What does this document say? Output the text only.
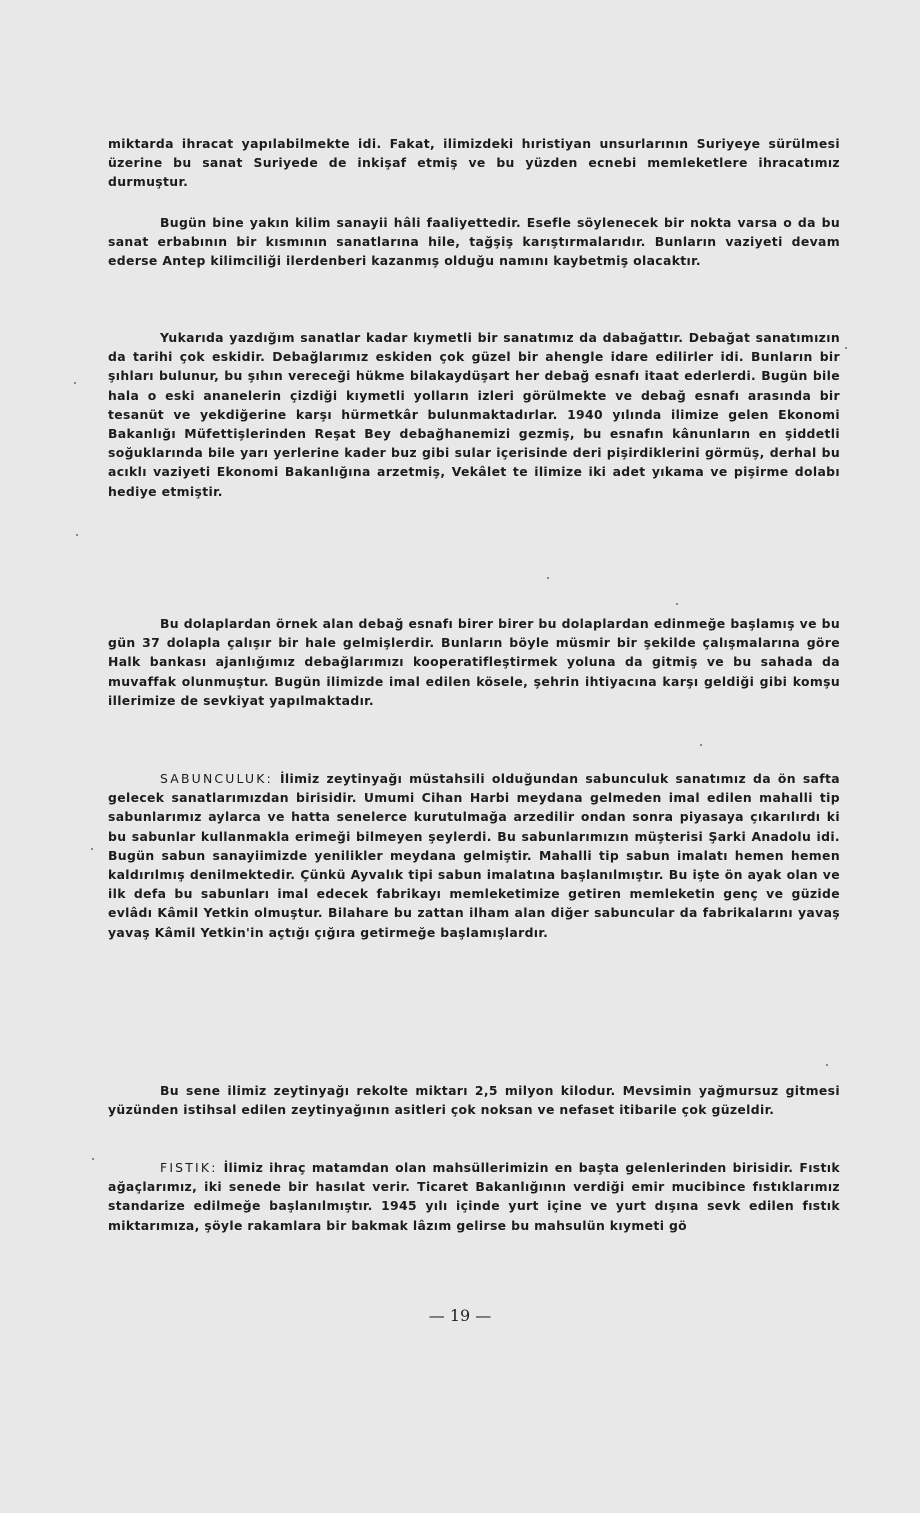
miktarda ihracat yapılabilmekte idi. Fakat, ilimizdeki hıristiyan unsurlarının Suriyeye sürülmesi üzerine bu sanat Suriyede de inkişaf etmiş ve bu yüzden ecnebi memleketlere ihracatımız durmuştur.

Bugün bine yakın kilim sanayii hâli faaliyettedir. Esefle söylenecek bir nokta varsa o da bu sanat erbabının bir kısmının sanatlarına hile, tağşiş karıştırmalarıdır. Bunların vaziyeti devam ederse Antep kilimciliği ilerdenberi kazanmış olduğu namını kaybetmiş olacaktır.

Yukarıda yazdığım sanatlar kadar kıymetli bir sanatımız da dabağattır. Debağat sanatımızın da tarihi çok eskidir. Debağlarımız eskiden çok güzel bir ahengle idare edilirler idi. Bunların bir şıhları bulunur, bu şıhın vereceği hükme bilakaydüşart her debağ esnafı itaat ederlerdi. Bugün bile hala o eski ananelerin çizdiği kıymetli yolların izleri görülmekte ve debağ esnafı arasında bir tesanüt ve yekdiğerine karşı hürmetkâr bulunmaktadırlar. 1940 yılında ilimize gelen Ekonomi Bakanlığı Müfettişlerinden Reşat Bey debağhanemizi gezmiş, bu esnafın kânunların en şiddetli soğuklarında bile yarı yerlerine kader buz gibi sular içerisinde deri pişirdiklerini görmüş, derhal bu acıklı vaziyeti Ekonomi Bakanlığına arzetmiş, Vekâlet te ilimize iki adet yıkama ve pişirme dolabı hediye etmiştir.

Bu dolaplardan örnek alan debağ esnafı birer birer bu dolaplardan edinmeğe başlamış ve bu gün 37 dolapla çalışır bir hale gelmişlerdir. Bunların böyle müsmir bir şekilde çalışmalarına göre Halk bankası ajanlığımız debağlarımızı kooperatifleştirmek yoluna da gitmiş ve bu sahada da muvaffak olunmuştur. Bugün ilimizde imal edilen kösele, şehrin ihtiyacına karşı geldiği gibi komşu illerimize de sevkiyat yapılmaktadır.

SABUNCULUK: İlimiz zeytinyağı müstahsili olduğundan sabunculuk sanatımız da ön safta gelecek sanatlarımızdan birisidir. Umumi Cihan Harbi meydana gelmeden imal edilen mahalli tip sabunlarımız aylarca ve hatta senelerce kurutulmağa arzedilir ondan sonra piyasaya çıkarılırdı ki bu sabunlar kullanmakla erimeği bilmeyen şeylerdi. Bu sabunlarımızın müşterisi Şarki Anadolu idi. Bugün sabun sanayiimizde yenilikler meydana gelmiştir. Mahalli tip sabun imalatı hemen hemen kaldırılmış denilmektedir. Çünkü Ayvalık tipi sabun imalatına başlanılmıştır. Bu işte ön ayak olan ve ilk defa bu sabunları imal edecek fabrikayı memleketimize getiren memleketin genç ve güzide evlâdı Kâmil Yetkin olmuştur. Bilahare bu zattan ilham alan diğer sabuncular da fabrikalarını yavaş yavaş Kâmil Yetkin'in açtığı çığıra getirmeğe başlamışlardır.

Bu sene ilimiz zeytinyağı rekolte miktarı 2,5 milyon kilodur. Mevsimin yağmursuz gitmesi yüzünden istihsal edilen zeytinyağının asitleri çok noksan ve nefaset itibarile çok güzeldir.

FISTIK: İlimiz ihraç matamdan olan mahsüllerimizin en başta gelenlerinden birisidir. Fıstık ağaçlarımız, iki senede bir hasılat verir. Ticaret Bakanlığının verdiği emir mucibince fıstıklarımız standarize edilmeğe başlanılmıştır. 1945 yılı içinde yurt içine ve yurt dışına sevk edilen fıstık miktarımıza, şöyle rakamlara bir bakmak lâzım gelirse bu mahsulün kıymeti gö

— 19 —
